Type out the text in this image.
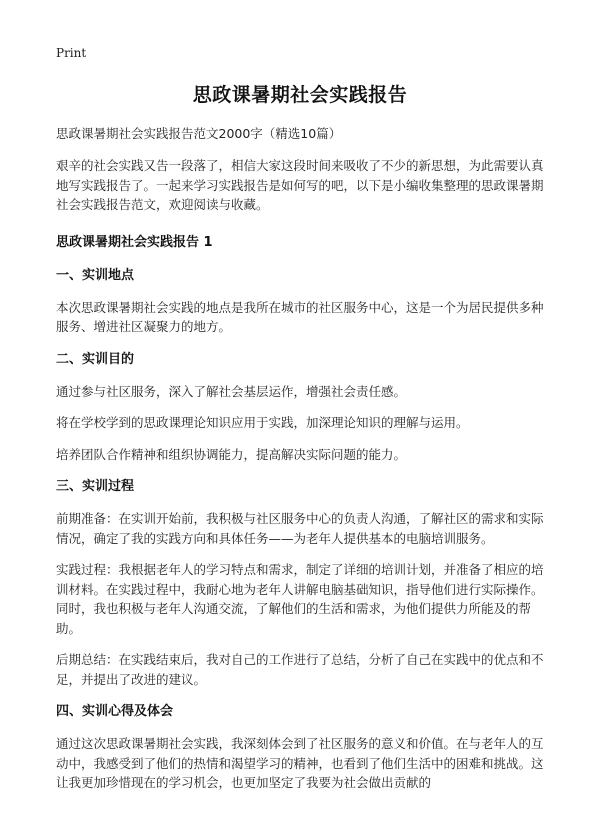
Print
思政课暑期社会实践报告

思政课暑期社会实践报告范文2000字（精选10篇）

艰辛的社会实践又告一段落了，相信大家这段时间来吸收了不少的新思想，为此需要认真地写实践报告了。一起来学习实践报告是如何写的吧，以下是小编收集整理的思政课暑期社会实践报告范文，欢迎阅读与收藏。

思政课暑期社会实践报告 1

一、实训地点

本次思政课暑期社会实践的地点是我所在城市的社区服务中心，这是一个为居民提供多种服务、增进社区凝聚力的地方。

二、实训目的

通过参与社区服务，深入了解社会基层运作，增强社会责任感。

将在学校学到的思政课理论知识应用于实践，加深理论知识的理解与运用。

培养团队合作精神和组织协调能力，提高解决实际问题的能力。

三、实训过程

前期准备：在实训开始前，我积极与社区服务中心的负责人沟通，了解社区的需求和实际情况，确定了我的实践方向和具体任务——为老年人提供基本的电脑培训服务。

实践过程：我根据老年人的学习特点和需求，制定了详细的培训计划，并准备了相应的培训材料。在实践过程中，我耐心地为老年人讲解电脑基础知识，指导他们进行实际操作。同时，我也积极与老年人沟通交流，了解他们的生活和需求，为他们提供力所能及的帮助。

后期总结：在实践结束后，我对自己的工作进行了总结，分析了自己在实践中的优点和不足，并提出了改进的建议。

四、实训心得及体会

通过这次思政课暑期社会实践，我深刻体会到了社区服务的意义和价值。在与老年人的互动中，我感受到了他们的热情和渴望学习的精神，也看到了他们生活中的困难和挑战。这让我更加珍惜现在的学习机会，也更加坚定了我要为社会做出贡献的
